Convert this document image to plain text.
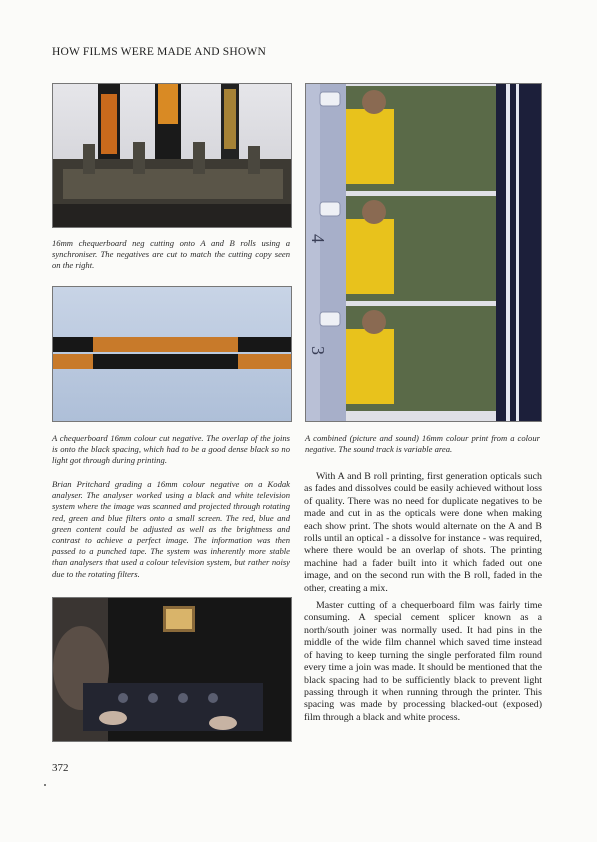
HOW FILMS WERE MADE AND SHOWN
16mm chequerboard neg cutting onto A and B rolls using a synchroniser. The negatives are cut to match the cutting copy seen on the right.
A chequerboard 16mm colour cut negative. The overlap of the joins is onto the black spacing, which had to be a good dense black so no light got through during printing.
Brian Pritchard grading a 16mm colour negative on a Kodak analyser. The analyser worked using a black and white television system where the image was scanned and projected through rotating red, green and blue filters onto a small screen. The red, blue and green content could be adjusted as well as the brightness and contrast to achieve a perfect image. The information was then passed to a punched tape. The system was inherently more stable than analysers that used a colour television system, but rather noisy due to the rotating filters.
4
3
A combined (picture and sound) 16mm colour print from a colour negative. The sound track is variable area.

With A and B roll printing, first generation opticals such as fades and dissolves could be easily achieved without loss of quality. There was no need for duplicate negatives to be made and cut in as the opticals were done when making each show print. The shots would alternate on the A and B rolls until an optical - a dissolve for instance - was required, where there would be an overlap of shots. The printing machine had a fader built into it which faded out one image, and on the second run with the B roll, faded in the other, creating a mix.

Master cutting of a chequerboard film was fairly time consuming. A special cement splicer known as a north/south joiner was normally used. It had pins in the middle of the wide film channel which saved time instead of having to keep turning the single perforated film round every time a join was made. It should be mentioned that the black spacing had to be sufficiently black to prevent light passing through it when running through the printer. This spacing was made by processing blacked-out (exposed) film through a black and white process.

372
